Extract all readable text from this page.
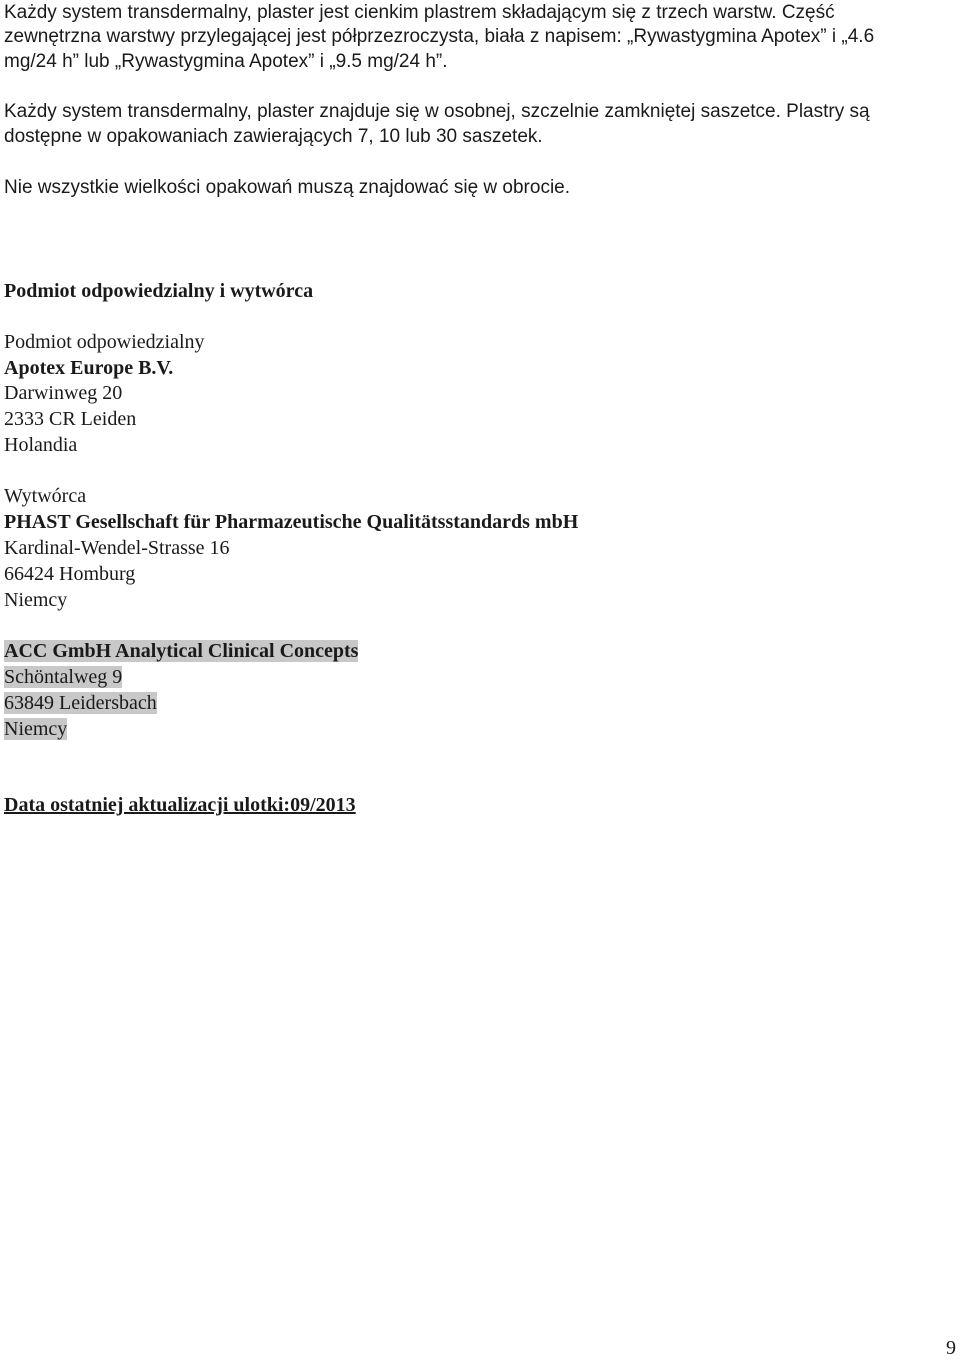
Każdy system transdermalny, plaster jest cienkim plastrem składającym się z trzech warstw. Część
zewnętrzna warstwy przylegającej jest półprzezroczysta, biała z napisem: „Rywastygmina Apotex” i „4.6
mg/24 h” lub „Rywastygmina Apotex” i „9.5 mg/24 h”.
Każdy system transdermalny, plaster znajduje się w osobnej, szczelnie zamkniętej saszetce. Plastry są
dostępne w opakowaniach zawierających 7, 10 lub 30 saszetek.
Nie wszystkie wielkości opakowań muszą znajdować się w obrocie.
Podmiot odpowiedzialny i wytwórca
Podmiot odpowiedzialny
Apotex Europe B.V.
Darwinweg 20
2333 CR Leiden
Holandia
Wytwórca
PHAST Gesellschaft für Pharmazeutische Qualitätsstandards mbH
Kardinal-Wendel-Strasse 16
66424 Homburg
Niemcy
ACC GmbH Analytical Clinical Concepts
Schöntalweg 9
63849 Leidersbach
Niemcy
Data ostatniej aktualizacji ulotki:09/2013
9
